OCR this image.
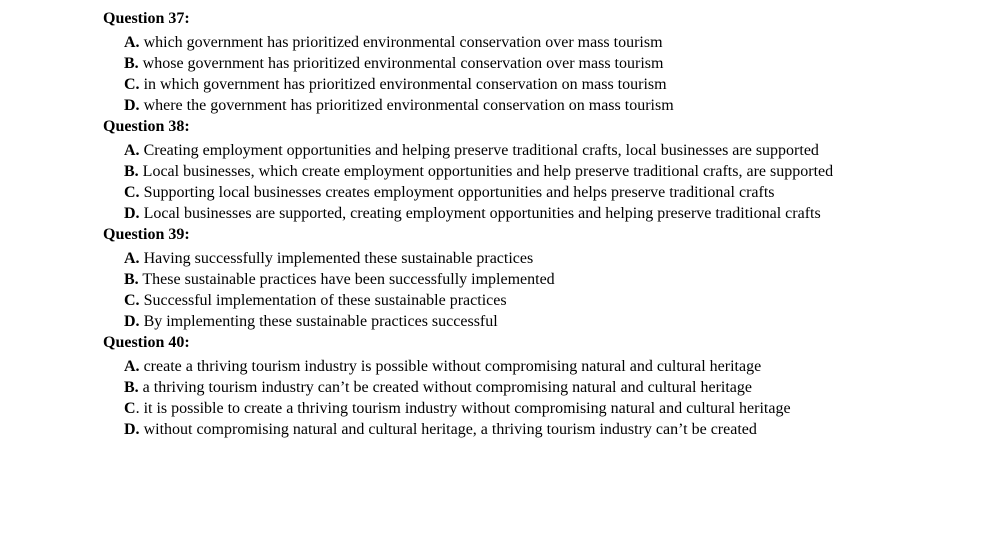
Question 37:
A. which government has prioritized environmental conservation over mass tourism
B. whose government has prioritized environmental conservation over mass tourism
C. in which government has prioritized environmental conservation on mass tourism
D. where the government has prioritized environmental conservation on mass tourism
Question 38:
A. Creating employment opportunities and helping preserve traditional crafts, local businesses are supported
B. Local businesses, which create employment opportunities and help preserve traditional crafts, are supported
C. Supporting local businesses creates employment opportunities and helps preserve traditional crafts
D. Local businesses are supported, creating employment opportunities and helping preserve traditional crafts
Question 39:
A. Having successfully implemented these sustainable practices
B. These sustainable practices have been successfully implemented
C. Successful implementation of these sustainable practices
D. By implementing these sustainable practices successful
Question 40:
A. create a thriving tourism industry is possible without compromising natural and cultural heritage
B. a thriving tourism industry can’t be created without compromising natural and cultural heritage
C. it is possible to create a thriving tourism industry without compromising natural and cultural heritage
D. without compromising natural and cultural heritage, a thriving tourism industry can’t be created
